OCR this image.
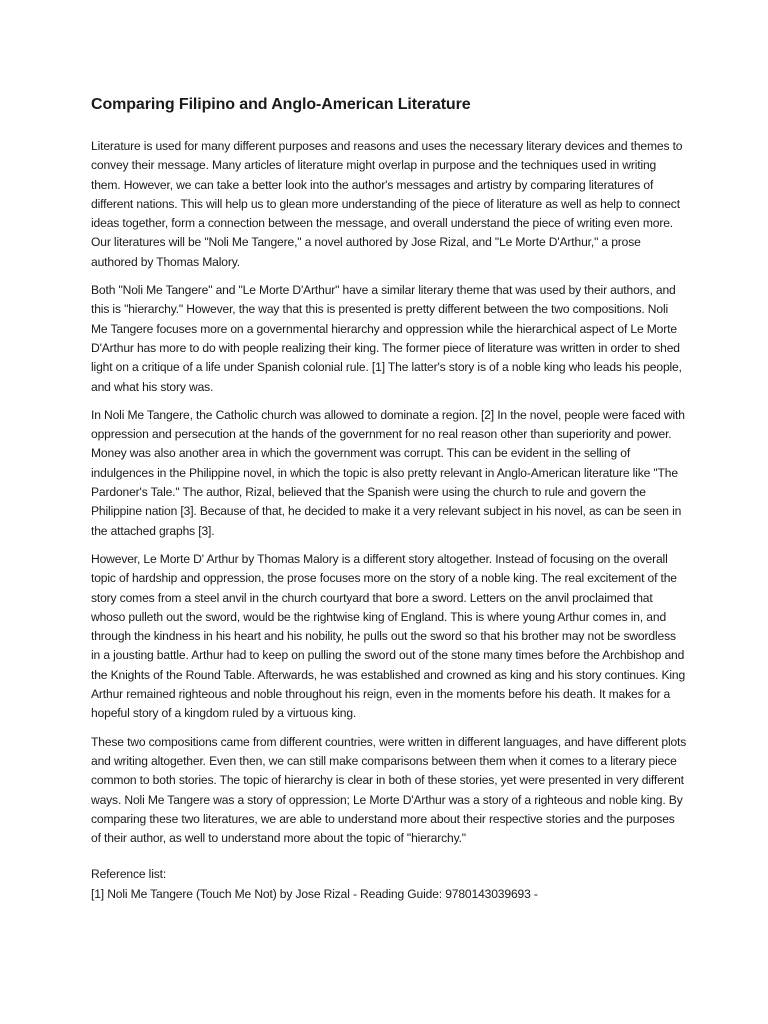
Comparing Filipino and Anglo-American Literature

Literature is used for many different purposes and reasons and uses the necessary literary devices and themes to convey their message. Many articles of literature might overlap in purpose and the techniques used in writing them. However, we can take a better look into the author's messages and artistry by comparing literatures of different nations. This will help us to glean more understanding of the piece of literature as well as help to connect ideas together, form a connection between the message, and overall understand the piece of writing even more. Our literatures will be "Noli Me Tangere," a novel authored by Jose Rizal, and "Le Morte D'Arthur," a prose authored by Thomas Malory.

Both "Noli Me Tangere" and "Le Morte D'Arthur" have a similar literary theme that was used by their authors, and this is "hierarchy." However, the way that this is presented is pretty different between the two compositions. Noli Me Tangere focuses more on a governmental hierarchy and oppression while the hierarchical aspect of Le Morte D'Arthur has more to do with people realizing their king. The former piece of literature was written in order to shed light on a critique of a life under Spanish colonial rule. [1] The latter's story is of a noble king who leads his people, and what his story was.

In Noli Me Tangere, the Catholic church was allowed to dominate a region. [2] In the novel, people were faced with oppression and persecution at the hands of the government for no real reason other than superiority and power. Money was also another area in which the government was corrupt. This can be evident in the selling of indulgences in the Philippine novel, in which the topic is also pretty relevant in Anglo-American literature like "The Pardoner's Tale." The author, Rizal, believed that the Spanish were using the church to rule and govern the Philippine nation [3]. Because of that, he decided to make it a very relevant subject in his novel, as can be seen in the attached graphs [3].

However, Le Morte D' Arthur by Thomas Malory is a different story altogether. Instead of focusing on the overall topic of hardship and oppression, the prose focuses more on the story of a noble king. The real excitement of the story comes from a steel anvil in the church courtyard that bore a sword. Letters on the anvil proclaimed that whoso pulleth out the sword, would be the rightwise king of England. This is where young Arthur comes in, and through the kindness in his heart and his nobility, he pulls out the sword so that his brother may not be swordless in a jousting battle. Arthur had to keep on pulling the sword out of the stone many times before the Archbishop and the Knights of the Round Table. Afterwards, he was established and crowned as king and his story continues. King Arthur remained righteous and noble throughout his reign, even in the moments before his death. It makes for a hopeful story of a kingdom ruled by a virtuous king.

These two compositions came from different countries, were written in different languages, and have different plots and writing altogether. Even then, we can still make comparisons between them when it comes to a literary piece common to both stories. The topic of hierarchy is clear in both of these stories, yet were presented in very different ways. Noli Me Tangere was a story of oppression; Le Morte D'Arthur was a story of a righteous and noble king. By comparing these two literatures, we are able to understand more about their respective stories and the purposes of their author, as well to understand more about the topic of "hierarchy."

Reference list:
[1] Noli Me Tangere (Touch Me Not) by Jose Rizal - Reading Guide: 9780143039693 -
